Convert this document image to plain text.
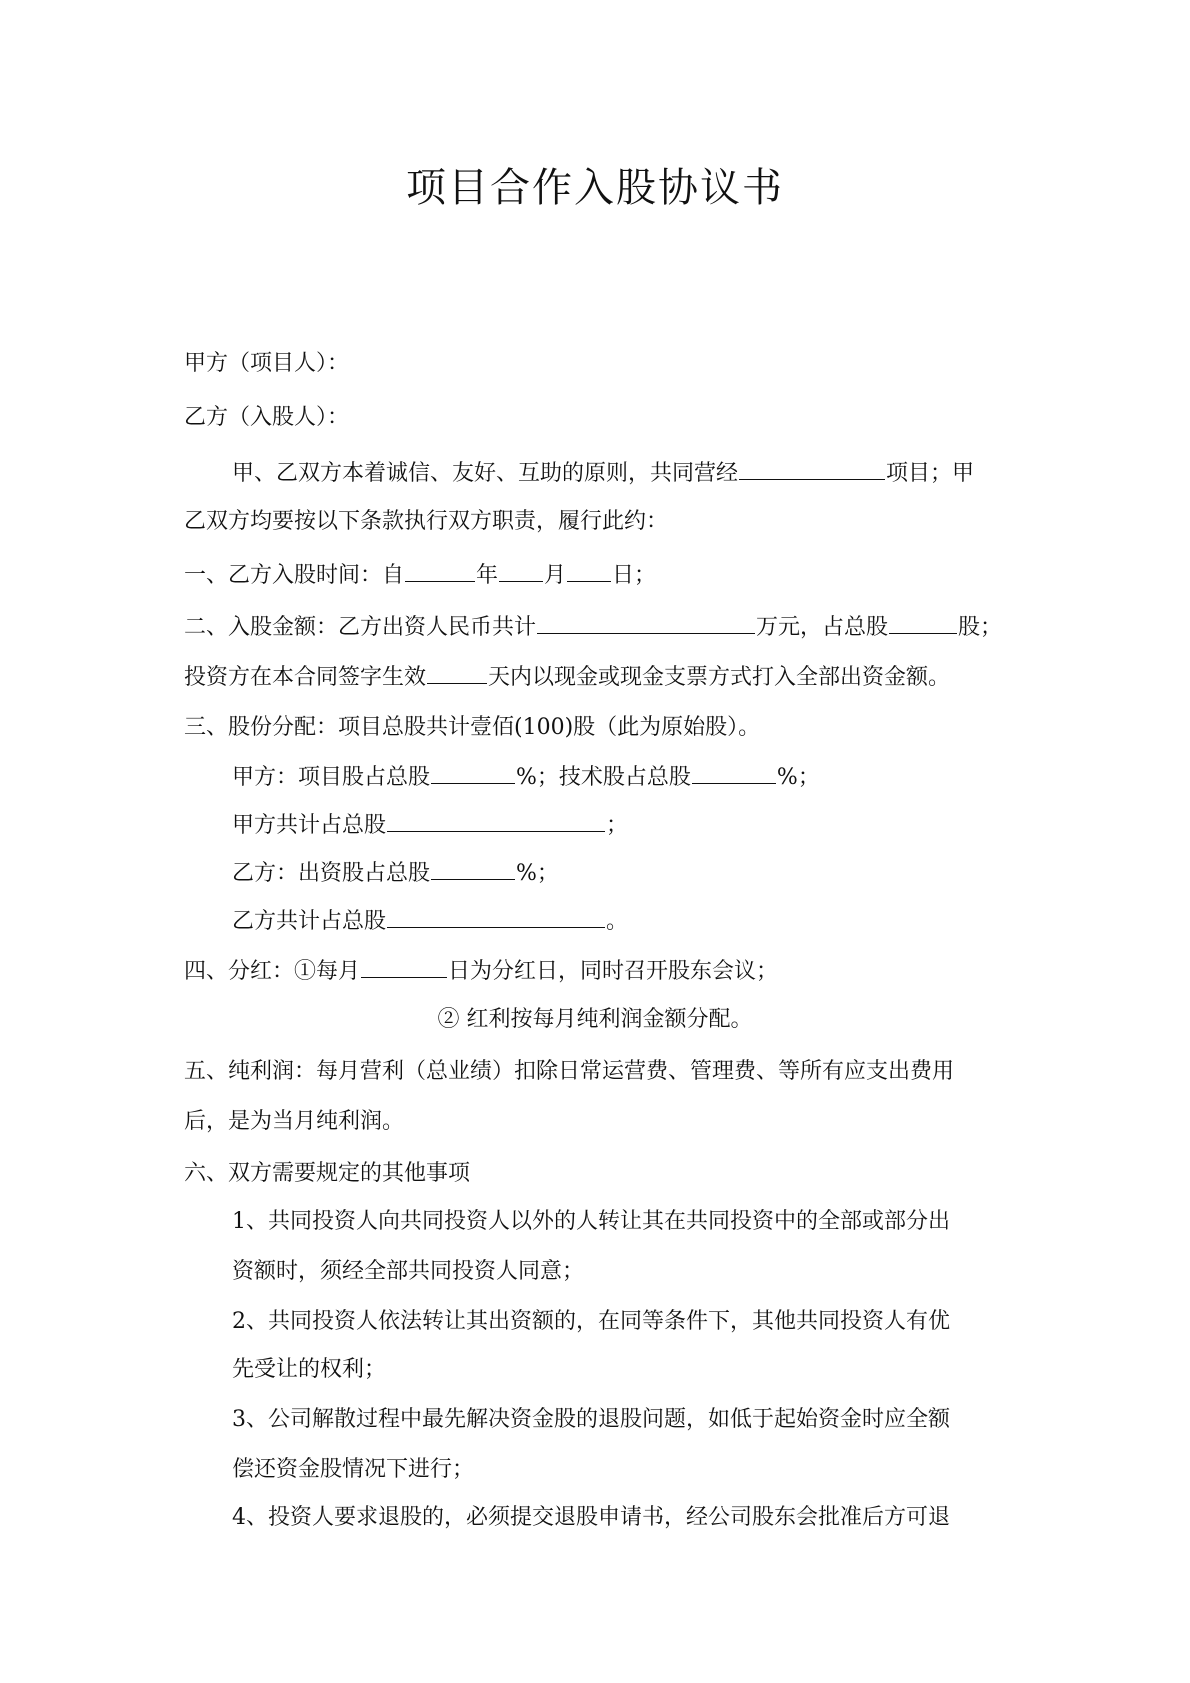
项目合作入股协议书
甲方（项目人）：
乙方（入股人）：
甲、乙双方本着诚信、友好、互助的原则，共同营经	项目；甲
乙双方均要按以下条款执行双方职责，履行此约：
一、乙方入股时间：自	年 月 日；
二、入股金额：乙方出资人民币共计	万元，占总股	股；
投资方在本合同签字生效	天内以现金或现金支票方式打入全部出资金额。
三、股份分配：项目总股共计壹佰(100)股（此为原始股）。
甲方：项目股占总股	%；技术股占总股	%；
甲方共计占总股	；
乙方：出资股占总股	%；
乙方共计占总股	。
四、分红：①每月	日为分红日，同时召开股东会议；
② 红利按每月纯利润金额分配。
五、纯利润：每月营利（总业绩）扣除日常运营费、管理费、等所有应支出费用
后，是为当月纯利润。
六、双方需要规定的其他事项
1、共同投资人向共同投资人以外的人转让其在共同投资中的全部或部分出
资额时，须经全部共同投资人同意；
2、共同投资人依法转让其出资额的，在同等条件下，其他共同投资人有优
先受让的权利；
3、公司解散过程中最先解决资金股的退股问题，如低于起始资金时应全额
偿还资金股情况下进行；
4、投资人要求退股的，必须提交退股申请书，经公司股东会批准后方可退
